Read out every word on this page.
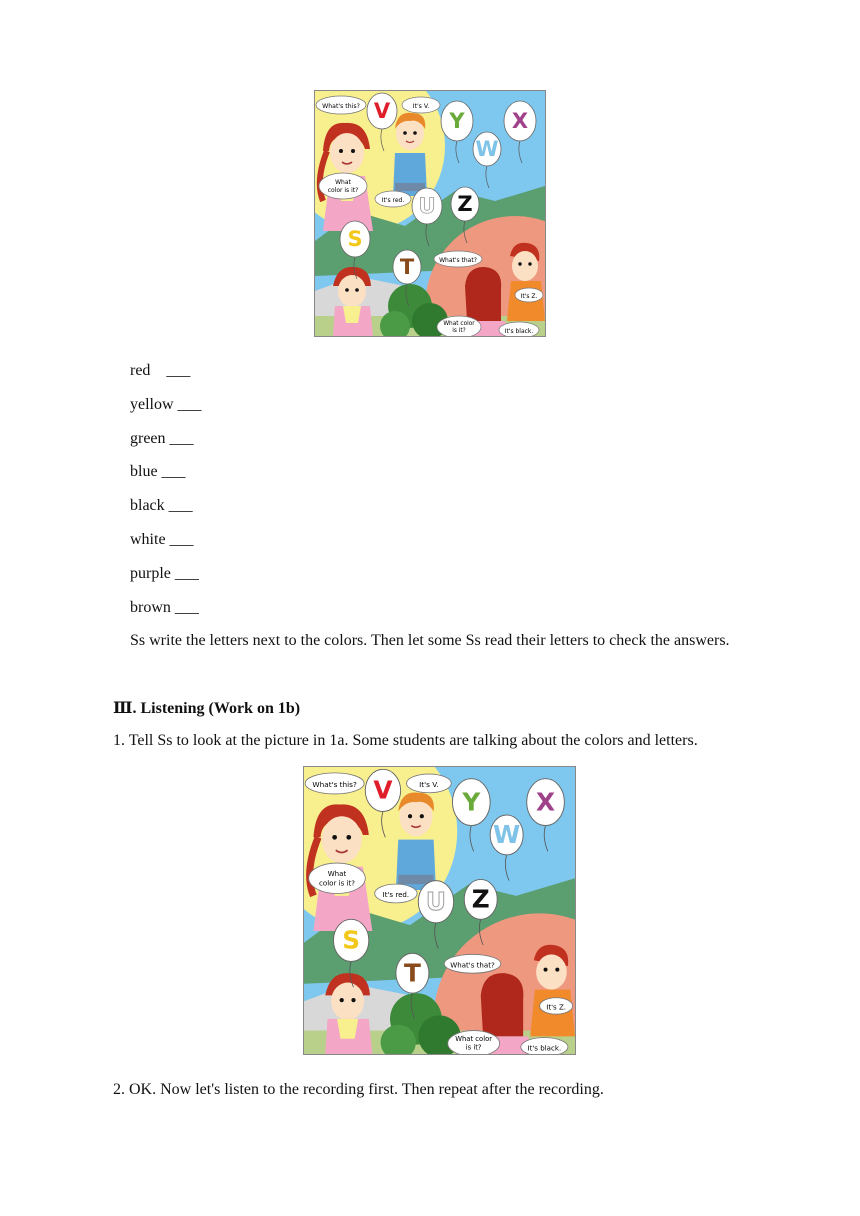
V	Y X
W
U Z
S
T
What's this?	It's V.
What
color is it?
It's red.
What's that?
It's Z.
What color
is it?	It's black.
red    ___
yellow ___
green ___
blue ___
black ___
white ___
purple ___
brown ___
Ss write the letters next to the colors. Then let some Ss read their letters to check the answers.
Ⅲ. Listening (Work on 1b)
1. Tell Ss to look at the picture in 1a. Some students are talking about the colors and letters.
V	Y	X
W
U Z
S
T
What's this?	It's V.
What
color is it?
It's red.
What's that?
It's Z.
What color
is it?	It's black.
2. OK. Now let's listen to the recording first. Then repeat after the recording.
